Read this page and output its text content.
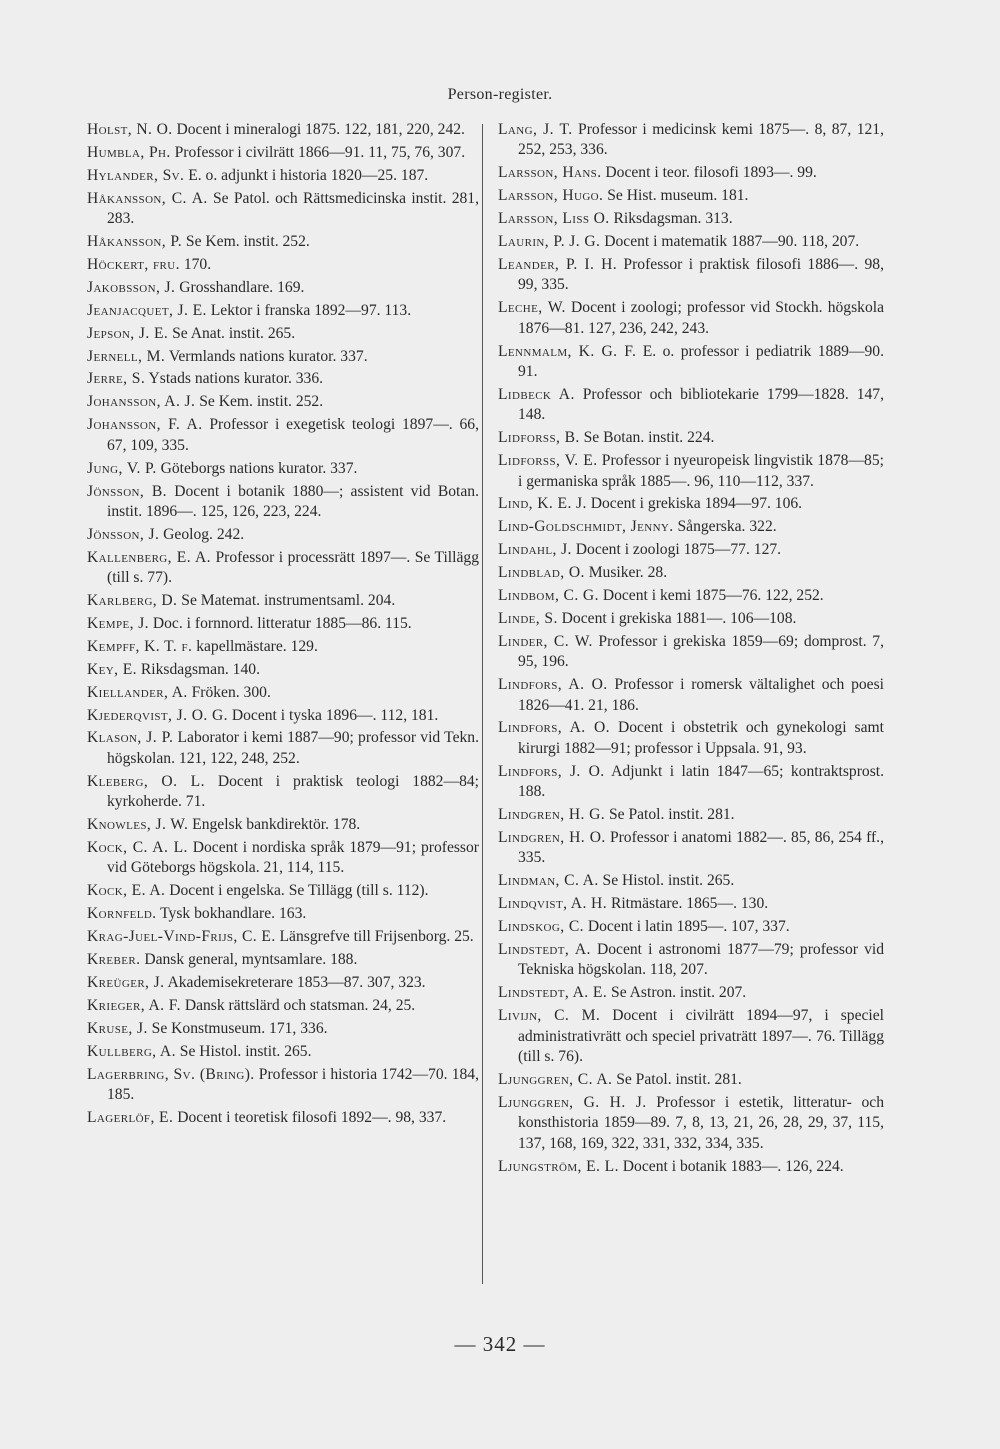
Person-register.
Holst, N. O. Docent i mineralogi 1875. 122, 181, 220, 242.
Humbla, Ph. Professor i civilrätt 1866—91. 11, 75, 76, 307.
Hylander, Sv. E. o. adjunkt i historia 1820—25. 187.
Håkansson, C. A. Se Patol. och Rättsmedicinska instit. 281, 283.
Håkansson, P. Se Kem. instit. 252.
Höckert, fru. 170.
Jakobsson, J. Grosshandlare. 169.
Jeanjacquet, J. E. Lektor i franska 1892—97. 113.
Jepson, J. E. Se Anat. instit. 265.
Jernell, M. Vermlands nations kurator. 337.
Jerre, S. Ystads nations kurator. 336.
Johansson, A. J. Se Kem. instit. 252.
Johansson, F. A. Professor i exegetisk teologi 1897—. 66, 67, 109, 335.
Jung, V. P. Göteborgs nations kurator. 337.
Jönsson, B. Docent i botanik 1880—; assistent vid Botan. instit. 1896—. 125, 126, 223, 224.
Jönsson, J. Geolog. 242.
Kallenberg, E. A. Professor i processrätt 1897—. Se Tillägg (till s. 77).
Karlberg, D. Se Matemat. instrumentsaml. 204.
Kempe, J. Doc. i fornnord. litteratur 1885—86. 115.
Kempff, K. T. f. kapellmästare. 129.
Key, E. Riksdagsman. 140.
Kiellander, A. Fröken. 300.
Kjederqvist, J. O. G. Docent i tyska 1896—. 112, 181.
Klason, J. P. Laborator i kemi 1887—90; professor vid Tekn. högskolan. 121, 122, 248, 252.
Kleberg, O. L. Docent i praktisk teologi 1882—84; kyrkoherde. 71.
Knowles, J. W. Engelsk bankdirektör. 178.
Kock, C. A. L. Docent i nordiska språk 1879—91; professor vid Göteborgs högskola. 21, 114, 115.
Kock, E. A. Docent i engelska. Se Tillägg (till s. 112).
Kornfeld. Tysk bokhandlare. 163.
Krag-Juel-Vind-Frijs, C. E. Länsgrefve till Frijsenborg. 25.
Kreber. Dansk general, myntsamlare. 188.
Kreüger, J. Akademisekreterare 1853—87. 307, 323.
Krieger, A. F. Dansk rättslärd och statsman. 24, 25.
Kruse, J. Se Konstmuseum. 171, 336.
Kullberg, A. Se Histol. instit. 265.
Lagerbring, Sv. (Bring). Professor i historia 1742—70. 184, 185.
Lagerlöf, E. Docent i teoretisk filosofi 1892—. 98, 337.
Lang, J. T. Professor i medicinsk kemi 1875—. 8, 87, 121, 252, 253, 336.
Larsson, Hans. Docent i teor. filosofi 1893—. 99.
Larsson, Hugo. Se Hist. museum. 181.
Larsson, Liss O. Riksdagsman. 313.
Laurin, P. J. G. Docent i matematik 1887—90. 118, 207.
Leander, P. I. H. Professor i praktisk filosofi 1886—. 98, 99, 335.
Leche, W. Docent i zoologi; professor vid Stockh. högskola 1876—81. 127, 236, 242, 243.
Lennmalm, K. G. F. E. o. professor i pediatrik 1889—90. 91.
Lidbeck A. Professor och bibliotekarie 1799—1828. 147, 148.
Lidforss, B. Se Botan. instit. 224.
Lidforss, V. E. Professor i nyeuropeisk lingvistik 1878—85; i germaniska språk 1885—. 96, 110—112, 337.
Lind, K. E. J. Docent i grekiska 1894—97. 106.
Lind-Goldschmidt, Jenny. Sångerska. 322.
Lindahl, J. Docent i zoologi 1875—77. 127.
Lindblad, O. Musiker. 28.
Lindbom, C. G. Docent i kemi 1875—76. 122, 252.
Linde, S. Docent i grekiska 1881—. 106—108.
Linder, C. W. Professor i grekiska 1859—69; domprost. 7, 95, 196.
Lindfors, A. O. Professor i romersk vältalighet och poesi 1826—41. 21, 186.
Lindfors, A. O. Docent i obstetrik och gynekologi samt kirurgi 1882—91; professor i Uppsala. 91, 93.
Lindfors, J. O. Adjunkt i latin 1847—65; kontraktsprost. 188.
Lindgren, H. G. Se Patol. instit. 281.
Lindgren, H. O. Professor i anatomi 1882—. 85, 86, 254 ff., 335.
Lindman, C. A. Se Histol. instit. 265.
Lindqvist, A. H. Ritmästare. 1865—. 130.
Lindskog, C. Docent i latin 1895—. 107, 337.
Lindstedt, A. Docent i astronomi 1877—79; professor vid Tekniska högskolan. 118, 207.
Lindstedt, A. E. Se Astron. instit. 207.
Livijn, C. M. Docent i civilrätt 1894—97, i speciel administrativrätt och speciel privaträtt 1897—. 76. Tillägg (till s. 76).
Ljunggren, C. A. Se Patol. instit. 281.
Ljunggren, G. H. J. Professor i estetik, litteratur- och konsthistoria 1859—89. 7, 8, 13, 21, 26, 28, 29, 37, 115, 137, 168, 169, 322, 331, 332, 334, 335.
Ljungström, E. L. Docent i botanik 1883—. 126, 224.
— 342 —
